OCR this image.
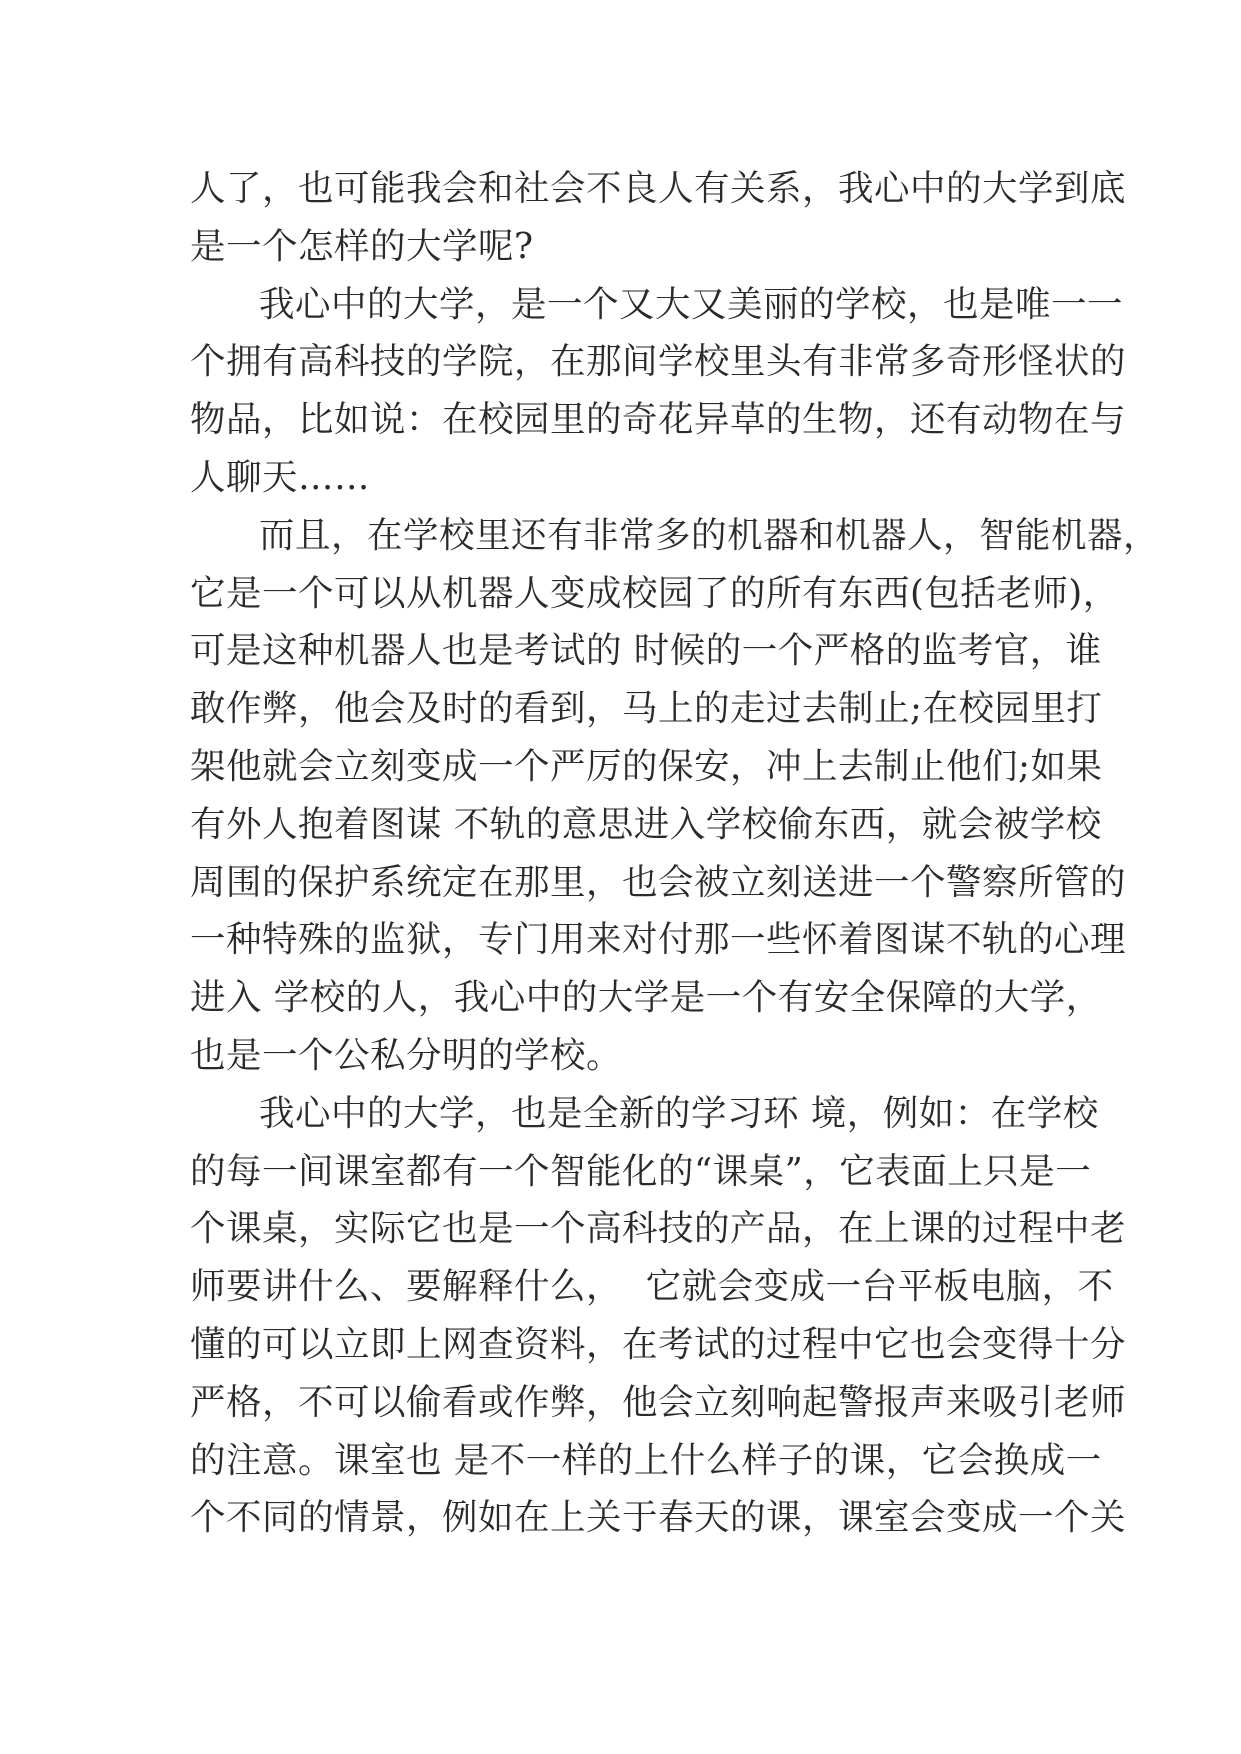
人了，也可能我会和社会不良人有关系，我心中的大学到底
是一个怎样的大学呢?
我心中的大学，是一个又大又美丽的学校，也是唯一一
个拥有高科技的学院，在那间学校里头有非常多奇形怪状的
物品，比如说：在校园里的奇花异草的生物，还有动物在与
人聊天……
而且，在学校里还有非常多的机器和机器人，智能机器，
它是一个可以从机器人变成校园了的所有东西(包括老师)，
可是这种机器人也是考试的 时候的一个严格的监考官，谁
敢作弊，他会及时的看到，马上的走过去制止;在校园里打
架他就会立刻变成一个严厉的保安，冲上去制止他们;如果
有外人抱着图谋 不轨的意思进入学校偷东西，就会被学校
周围的保护系统定在那里，也会被立刻送进一个警察所管的
一种特殊的监狱，专门用来对付那一些怀着图谋不轨的心理
进入 学校的人，我心中的大学是一个有安全保障的大学，
也是一个公私分明的学校。
我心中的大学，也是全新的学习环 境，例如：在学校
的每一间课室都有一个智能化的“课桌”，它表面上只是一
个课桌，实际它也是一个高科技的产品，在上课的过程中老
师要讲什么、要解释什么，  它就会变成一台平板电脑，不
懂的可以立即上网查资料，在考试的过程中它也会变得十分
严格，不可以偷看或作弊，他会立刻响起警报声来吸引老师
的注意。课室也 是不一样的上什么样子的课，它会换成一
个不同的情景，例如在上关于春天的课，课室会变成一个关
